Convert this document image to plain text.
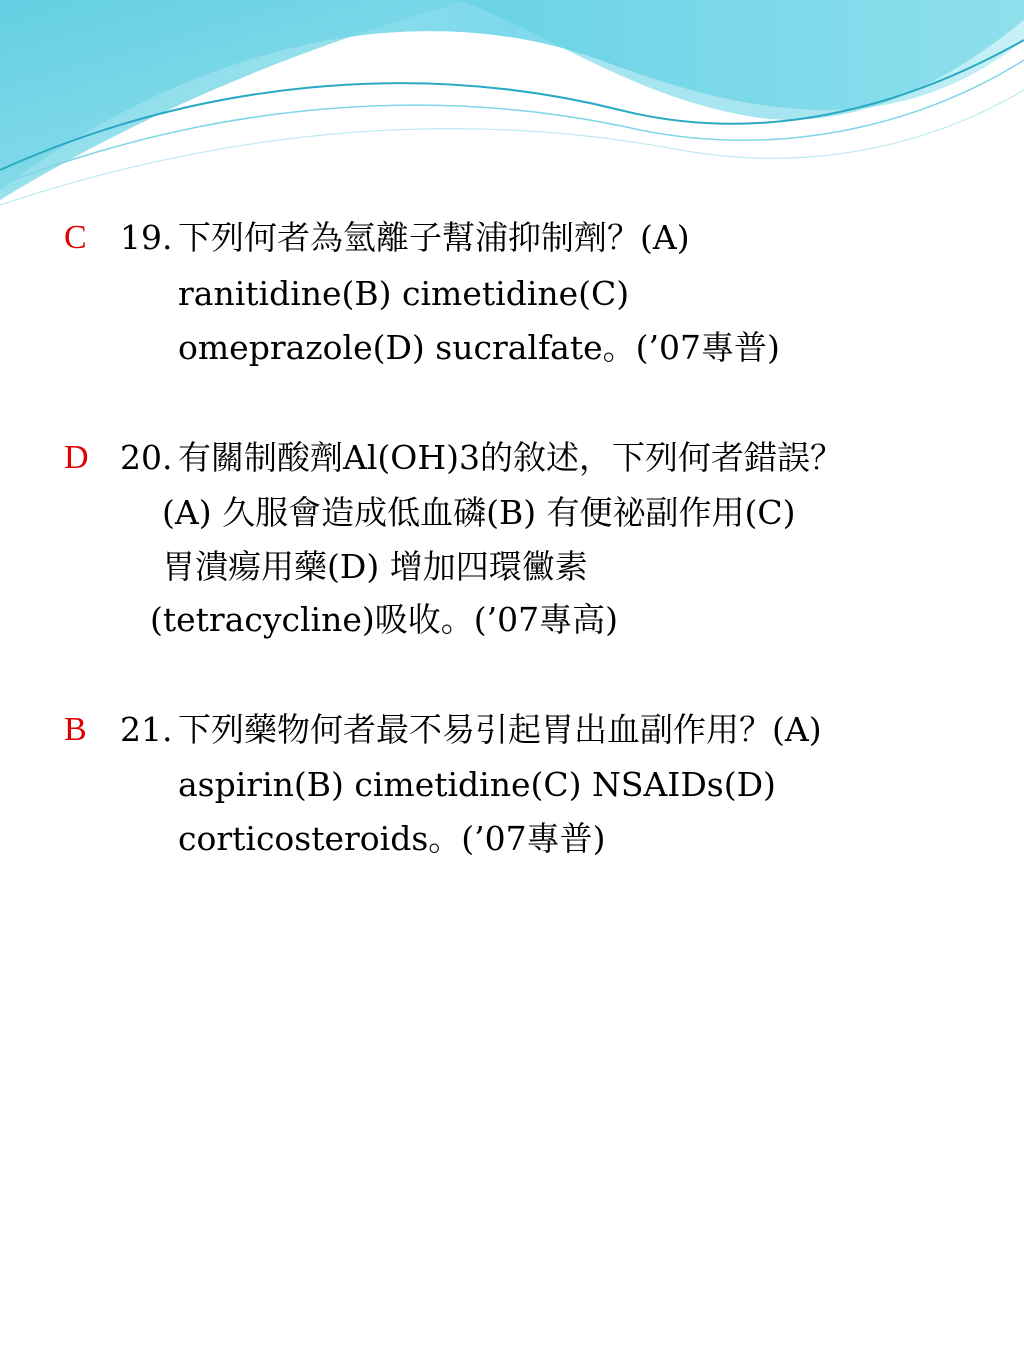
C 19. 下列何者為氫離子幫浦抑制劑？(A)
ranitidine(B) cimetidine(C)
omeprazole(D) sucralfate。(’07專普)
D 20. 有關制酸劑Al(OH)3的敘述，下列何者錯誤？
(A) 久服會造成低血磷(B) 有便祕副作用(C)
胃潰瘍用藥(D) 增加四環黴素
(tetracycline)吸收。(’07專高)
B 21. 下列藥物何者最不易引起胃出血副作用？(A)
aspirin(B) cimetidine(C) NSAIDs(D)
corticosteroids。(’07專普)
